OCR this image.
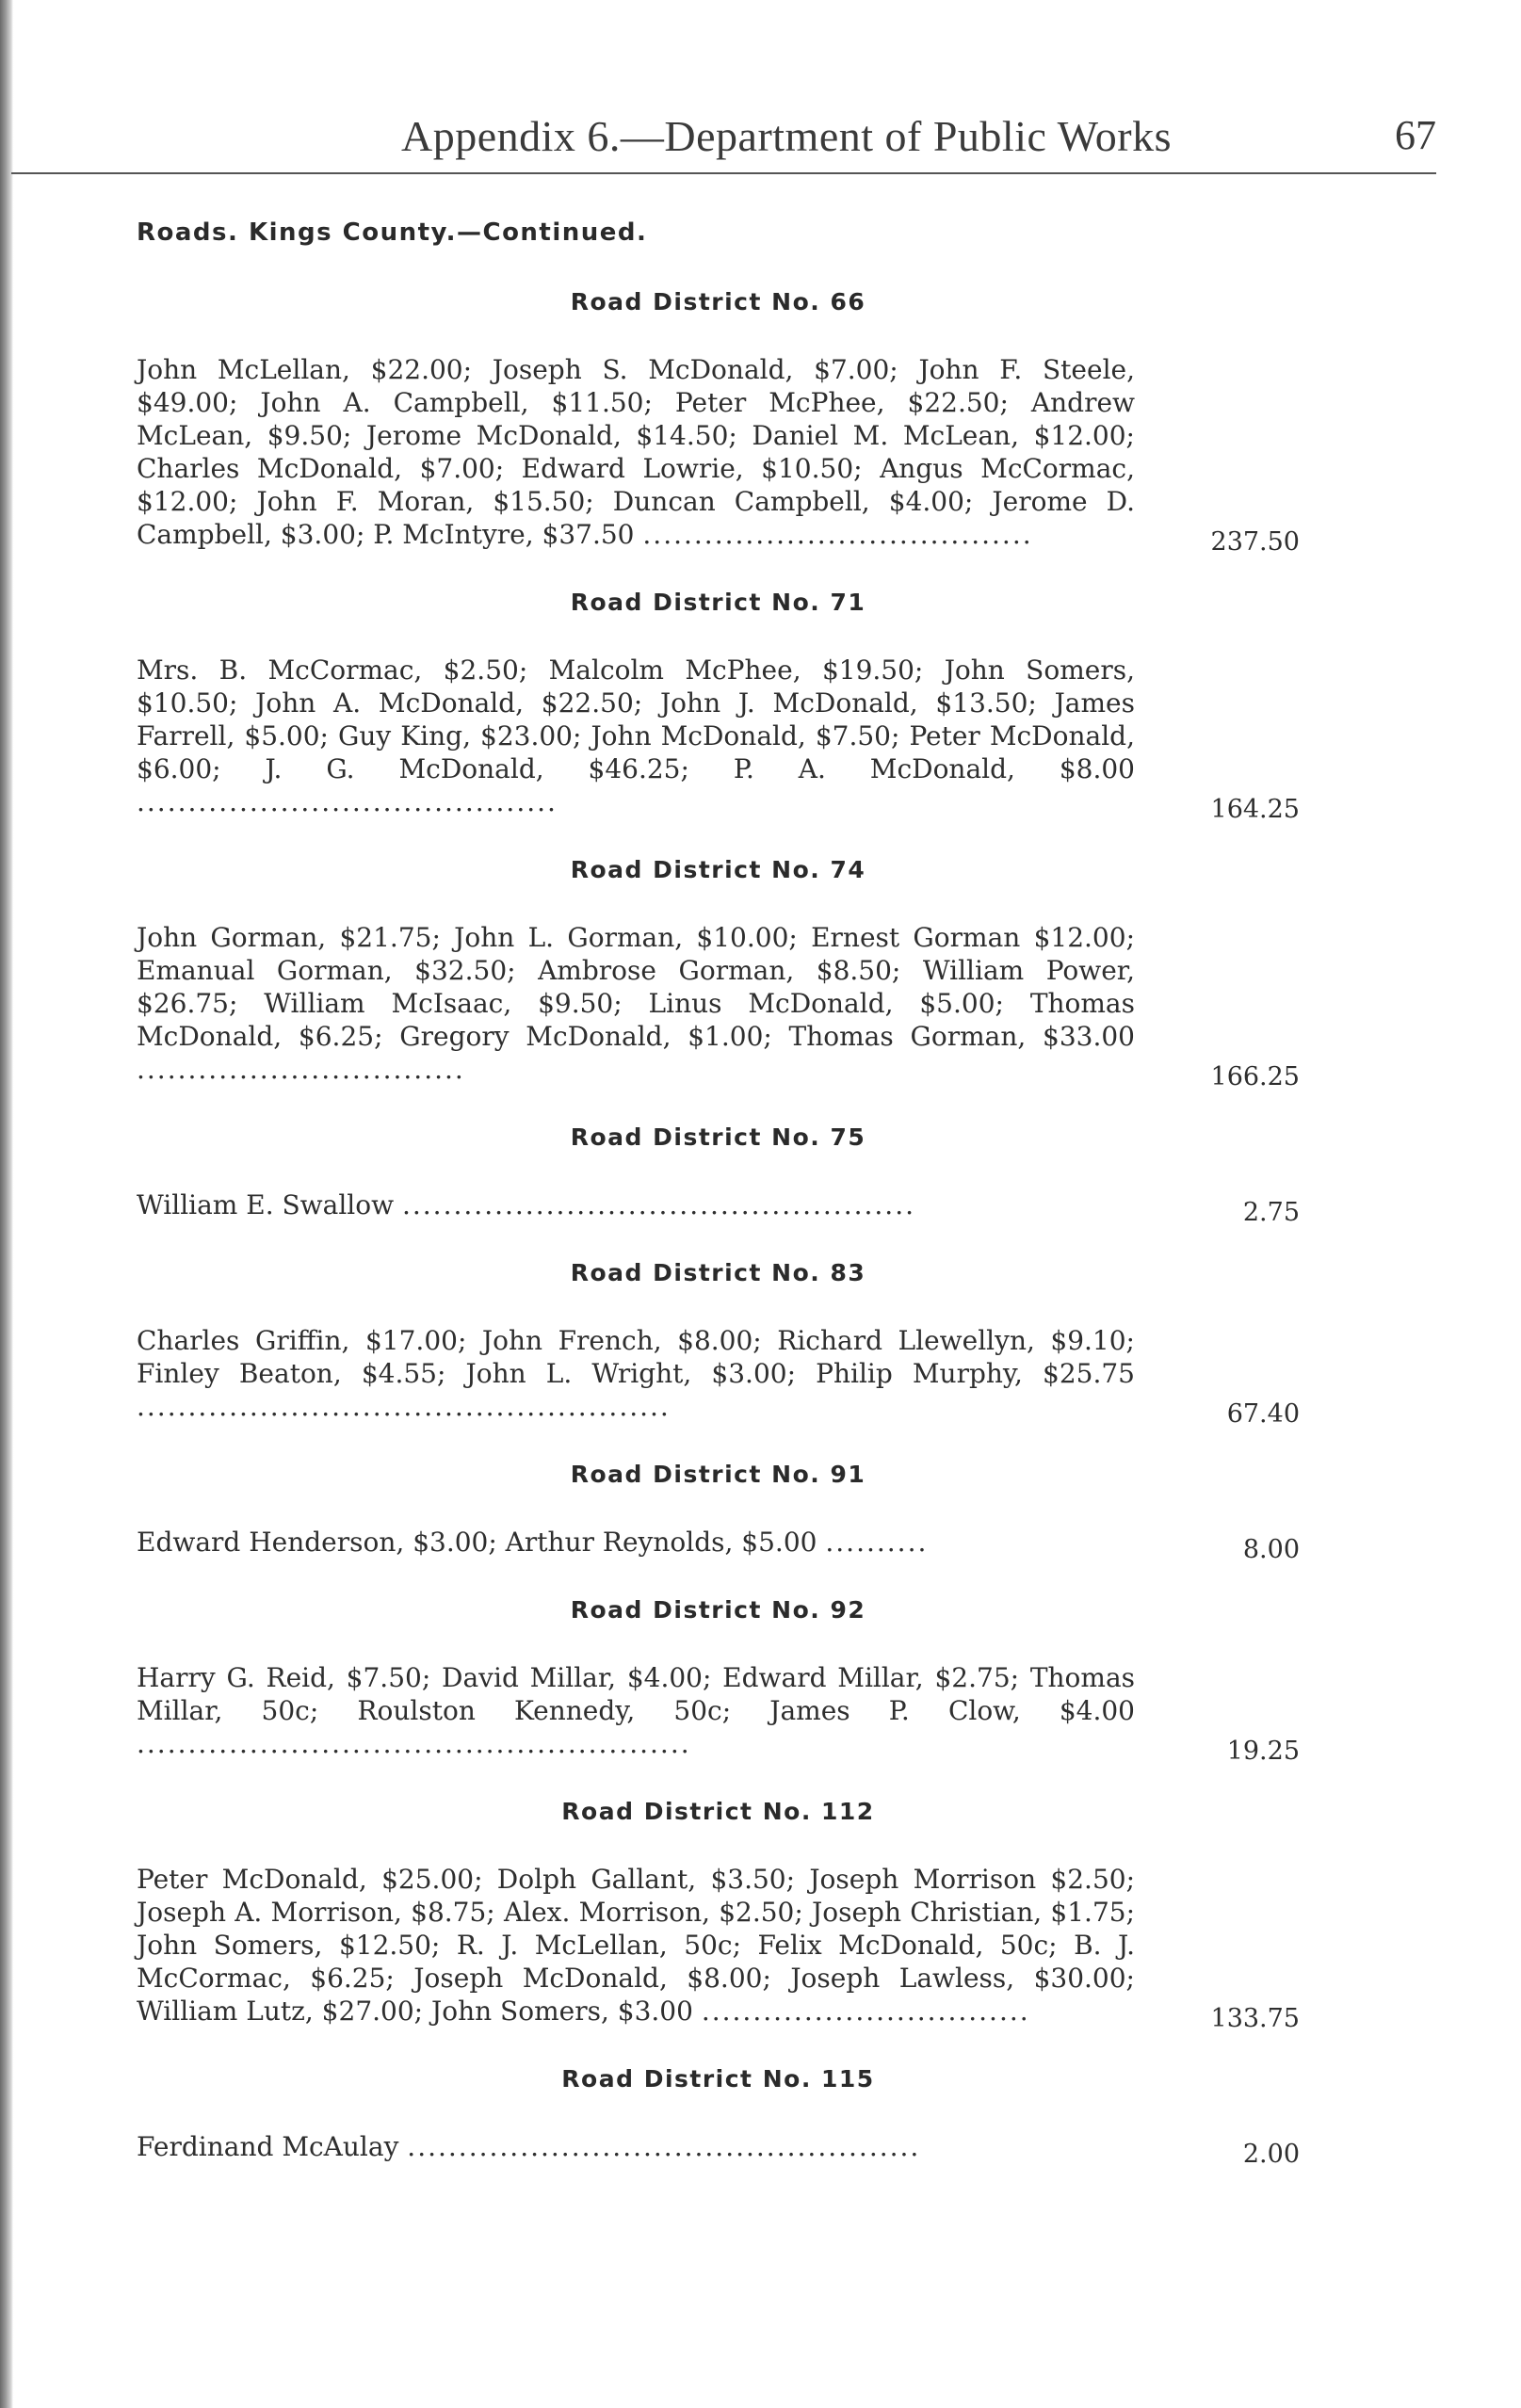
Appendix 6.—Department of Public Works	67
Roads. Kings County.—Continued.
Road District No. 66
John McLellan, $22.00; Joseph S. McDonald, $7.00; John F. Steele, $49.00; John A. Campbell, $11.50; Peter McPhee, $22.50; Andrew McLean, $9.50; Jerome McDonald, $14.50; Daniel M. McLean, $12.00; Charles McDonald, $7.00; Edward Lowrie, $10.50; Angus McCormac, $12.00; John F. Moran, $15.50; Duncan Campbell, $4.00; Jerome D. Campbell, $3.00; P. McIntyre, $37.50 ......................................	237.50
Road District No. 71
Mrs. B. McCormac, $2.50; Malcolm McPhee, $19.50; John Somers, $10.50; John A. McDonald, $22.50; John J. McDonald, $13.50; James Farrell, $5.00; Guy King, $23.00; John McDonald, $7.50; Peter McDonald, $6.00; J. G. McDonald, $46.25; P. A. McDonald, $8.00 .........................................	164.25
Road District No. 74
John Gorman, $21.75; John L. Gorman, $10.00; Ernest Gorman $12.00; Emanual Gorman, $32.50; Ambrose Gorman, $8.50; William Power, $26.75; William McIsaac, $9.50; Linus McDonald, $5.00; Thomas McDonald, $6.25; Gregory McDonald, $1.00; Thomas Gorman, $33.00 ................................	166.25
Road District No. 75
William E. Swallow ..................................................	2.75
Road District No. 83
Charles Griffin, $17.00; John French, $8.00; Richard Llewellyn, $9.10; Finley Beaton, $4.55; John L. Wright, $3.00; Philip Murphy, $25.75 ....................................................	67.40
Road District No. 91
Edward Henderson, $3.00; Arthur Reynolds, $5.00 ..........	8.00
Road District No. 92
Harry G. Reid, $7.50; David Millar, $4.00; Edward Millar, $2.75; Thomas Millar, 50c; Roulston Kennedy, 50c; James P. Clow, $4.00 ......................................................	19.25
Road District No. 112
Peter McDonald, $25.00; Dolph Gallant, $3.50; Joseph Morrison $2.50; Joseph A. Morrison, $8.75; Alex. Morrison, $2.50; Joseph Christian, $1.75; John Somers, $12.50; R. J. McLellan, 50c; Felix McDonald, 50c; B. J. McCormac, $6.25; Joseph McDonald, $8.00; Joseph Lawless, $30.00; William Lutz, $27.00; John Somers, $3.00 ................................	133.75
Road District No. 115
Ferdinand McAulay ..................................................	2.00
